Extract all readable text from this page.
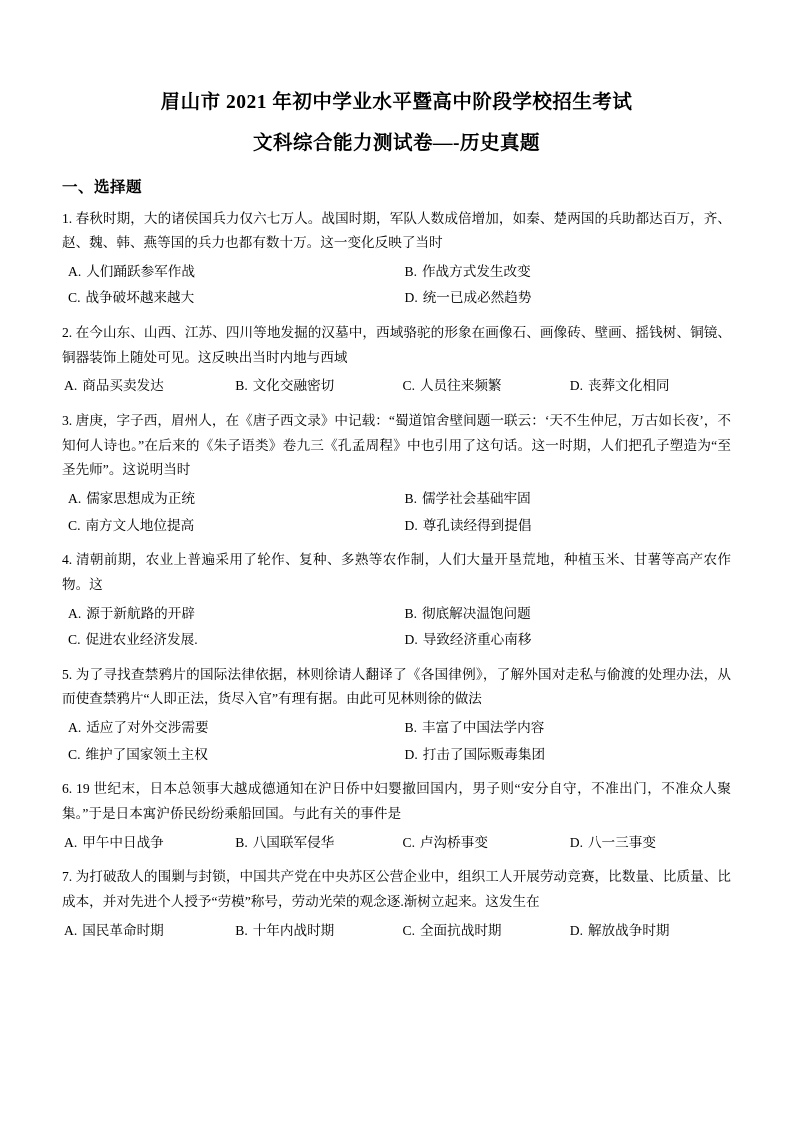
眉山市 2021 年初中学业水平暨高中阶段学校招生考试
文科综合能力测试卷—-历史真题
一、选择题
1. 春秋时期，大的诸侯国兵力仅六七万人。战国时期，军队人数成倍增加，如秦、楚两国的兵助都达百万，齐、赵、魏、韩、燕等国的兵力也都有数十万。这一变化反映了当时
A. 人们踊跃参军作战	B. 作战方式发生改变
C. 战争破坏越来越大	D. 统一已成必然趋势
2. 在今山东、山西、江苏、四川等地发掘的汉墓中，西域骆驼的形象在画像石、画像砖、壁画、摇钱树、铜镜、铜器装饰上随处可见。这反映出当时内地与西域
A. 商品买卖发达	B. 文化交融密切	C. 人员往来频繁	D. 丧葬文化相同
3. 唐庚，字子西，眉州人，在《唐子西文录》中记载：“蜀道馆舍壁间题一联云：‘天不生仲尼，万古如长夜’，不知何人诗也。”在后来的《朱子语类》卷九三《孔孟周程》中也引用了这句话。这一时期，人们把孔子塑造为“至圣先师”。这说明当时
A. 儒家思想成为正统	B. 儒学社会基础牢固
C. 南方文人地位提高	D. 尊孔读经得到提倡
4. 清朝前期，农业上普遍采用了轮作、复种、多熟等农作制，人们大量开垦荒地，种植玉米、甘薯等高产农作物。这
A. 源于新航路的开辟	B. 彻底解决温饱问题
C. 促进农业经济发展.	D. 导致经济重心南移
5. 为了寻找查禁鸦片的国际法律依据，林则徐请人翻译了《各国律例》，了解外国对走私与偷渡的处理办法，从而使查禁鸦片“人即正法，货尽入官”有理有据。由此可见林则徐的做法
A. 适应了对外交涉需要	B. 丰富了中国法学内容
C. 维护了国家领土主权	D. 打击了国际贩毒集团
6. 19 世纪末，日本总领事大越成德通知在沪日侨中妇婴撤回国内，男子则“安分自守，不准出门，不准众人聚集。”于是日本寓沪侨民纷纷乘船回国。与此有关的事件是
A. 甲午中日战争	B. 八国联军侵华	C. 卢沟桥事变	D. 八一三事变
7. 为打破敌人的围剿与封锁，中国共产党在中央苏区公营企业中，组织工人开展劳动竞赛，比数量、比质量、比成本，并对先进个人授予“劳模”称号，劳动光荣的观念逐.渐树立起来。这发生在
A. 国民革命时期	B. 十年内战时期	C. 全面抗战时期	D. 解放战争时期
